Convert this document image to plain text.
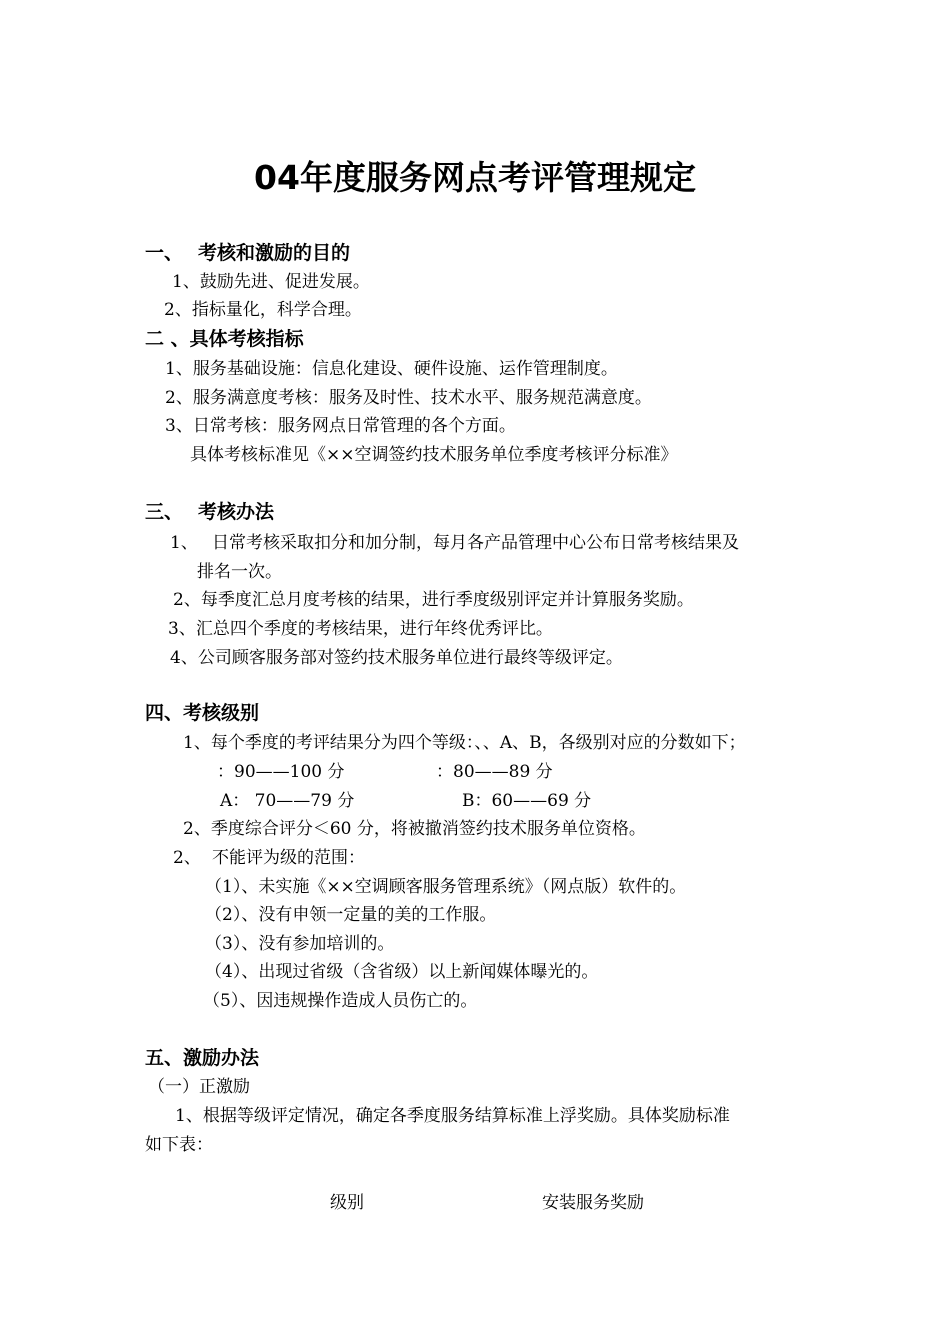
04年度服务网点考评管理规定
一、 考核和激励的目的
1、鼓励先进、促进发展。
2、指标量化，科学合理。
二 、具体考核指标
1、服务基础设施：信息化建设、硬件设施、运作管理制度。
2、服务满意度考核：服务及时性、技术水平、服务规范满意度。
3、日常考核：服务网点日常管理的各个方面。
具体考核标准见《××空调签约技术服务单位季度考核评分标准》
三、 考核办法
1、 日常考核采取扣分和加分制，每月各产品管理中心公布日常考核结果及
排名一次。
2、每季度汇总月度考核的结果，进行季度级别评定并计算服务奖励。
3、汇总四个季度的考核结果，进行年终优秀评比。
4、公司顾客服务部对签约技术服务单位进行最终等级评定。
四、考核级别
1、每个季度的考评结果分为四个等级：、、A、B，各级别对应的分数如下；
：90——100 分	：80——89 分
A： 70——79 分	B：60——69 分
2、季度综合评分＜60 分，将被撤消签约技术服务单位资格。
2、 不能评为级的范围：
（1）、未实施《××空调顾客服务管理系统》（网点版）软件的。
（2）、没有申领一定量的美的工作服。
（3）、没有参加培训的。
（4）、出现过省级（含省级）以上新闻媒体曝光的。
（5）、因违规操作造成人员伤亡的。
五、激励办法
（一）正激励
1、根据等级评定情况，确定各季度服务结算标准上浮奖励。具体奖励标准
如下表：
级别	安装服务奖励
